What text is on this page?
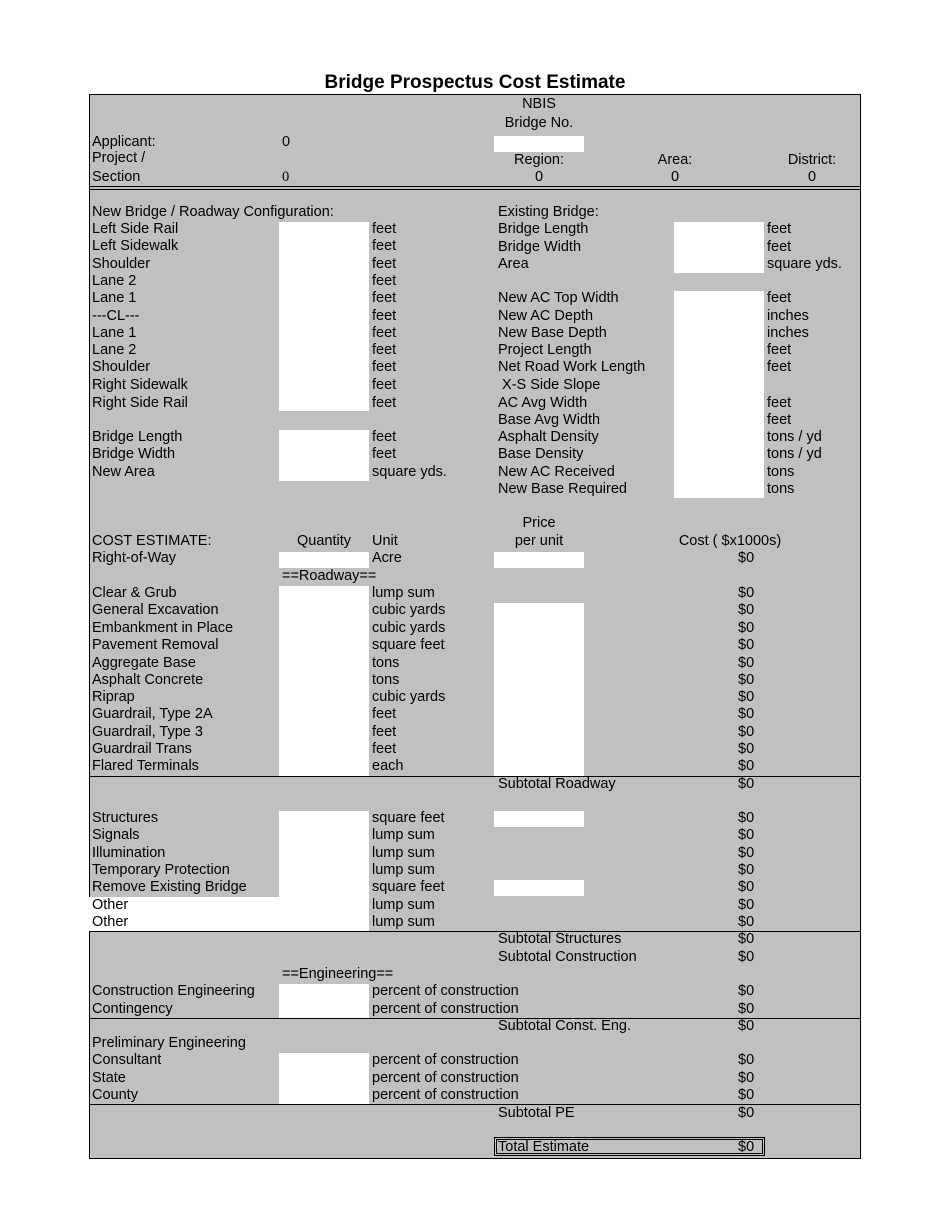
Bridge Prospectus Cost Estimate
NBIS
Bridge No.
Applicant:	0
Project /
Section	0
Region:
0
Area:
0
District:
0
New Bridge / Roadway Configuration:
Left Side Rail	feet
Left Sidewalk	feet
Shoulder	feet
Lane 2	feet
Lane 1	feet
---CL---	feet
Lane 1	feet
Lane 2	feet
Shoulder	feet
Right Sidewalk	feet
Right Side Rail	feet
Bridge Length	feet
Bridge Width	feet
New Area	square yds.
Existing Bridge:
Bridge Length	feet
Bridge Width	feet
Area	square yds.
New AC Top Width	feet
New AC Depth	inches
New Base Depth	inches
Project Length	feet
Net Road Work Length	feet
X-S Side Slope
AC Avg Width	feet
Base Avg Width	feet
Asphalt Density	tons / yd
Base Density	tons / yd
New AC Received	tons
New Base Required	tons
Price
COST ESTIMATE:	Quantity	Unit	per unit	Cost ( $x1000s)
Right-of-Way	Acre	$0
==Roadway==
Clear & Grub	lump sum	$0
General Excavation	cubic yards	$0
Embankment in Place	cubic yards	$0
Pavement Removal	square feet	$0
Aggregate Base	tons	$0
Asphalt Concrete	tons	$0
Riprap	cubic yards	$0
Guardrail, Type 2A	feet	$0
Guardrail, Type 3	feet	$0
Guardrail Trans	feet	$0
Flared Terminals	each	$0
Subtotal Roadway	$0
Structures	square feet	$0
Signals	lump sum	$0
Illumination	lump sum	$0
Temporary Protection	lump sum	$0
Remove Existing Bridge	square feet	$0
Other	lump sum	$0
Other	lump sum	$0
Subtotal Structures	$0
Subtotal Construction	$0
==Engineering==
Construction Engineering	percent of construction	$0
Contingency	percent of construction	$0
Subtotal Const. Eng.	$0
Preliminary Engineering
Consultant	percent of construction	$0
State	percent of construction	$0
County	percent of construction	$0
Subtotal PE	$0
Total Estimate	$0
